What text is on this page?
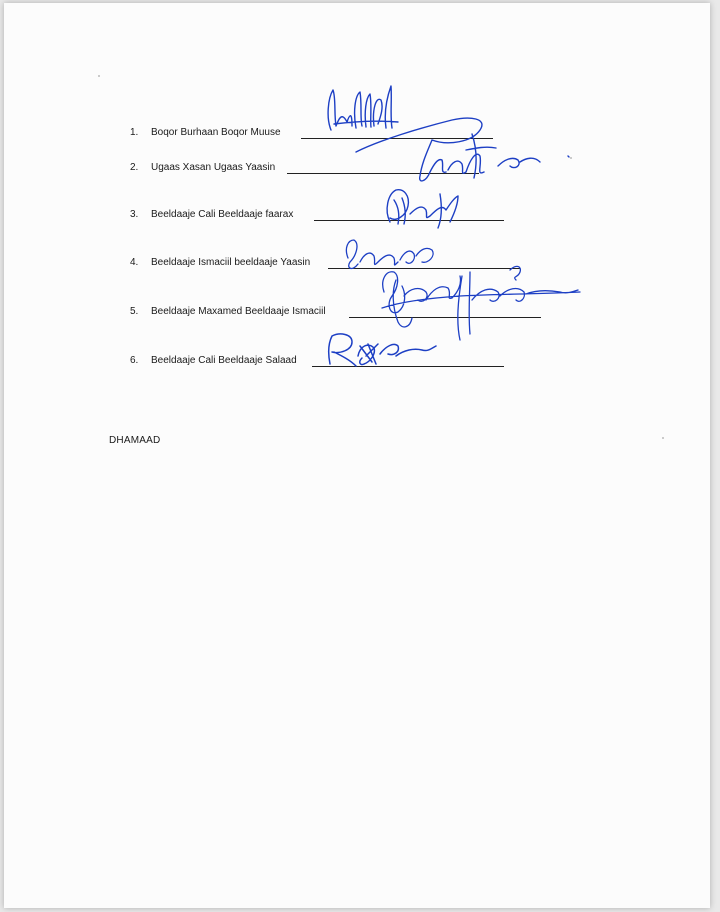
1. Boqor Burhaan Boqor Muuse
2. Ugaas Xasan Ugaas Yaasin
3. Beeldaaje Cali Beeldaaje faarax
4. Beeldaaje Ismaciil beeldaaje Yaasin
5. Beeldaaje Maxamed Beeldaaje Ismaciil
6. Beeldaaje Cali Beeldaaje Salaad
DHAMAAD
